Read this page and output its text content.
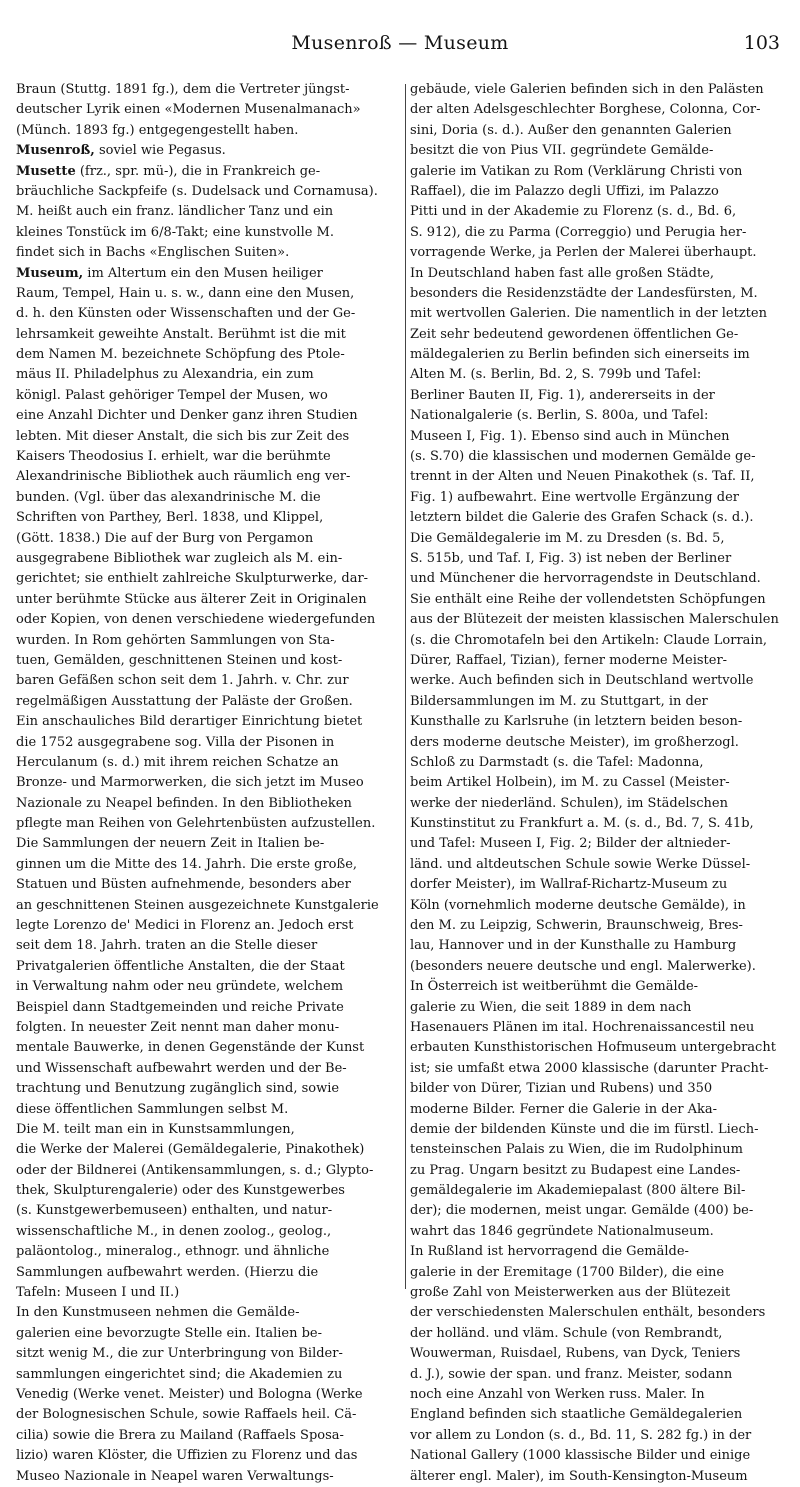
Musenroß — Museum	103
Braun (Stuttg. 1891 fg.), dem die Vertreter jüngst-
deutscher Lyrik einen «Modernen Musenalmanach»
(Münch. 1893 fg.) entgegengestellt haben.
Musenroß, soviel wie Pegasus.
Musette (frz., spr. mü-), die in Frankreich ge-
bräuchliche Sackpfeife (s. Dudelsack und Cornamusa).
M. heißt auch ein franz. ländlicher Tanz und ein
kleines Tonstück im 6/8-Takt; eine kunstvolle M.
findet sich in Bachs «Englischen Suiten».
Museum, im Altertum ein den Musen heiliger
Raum, Tempel, Hain u. s. w., dann eine den Musen,
d. h. den Künsten oder Wissenschaften und der Ge-
lehrsamkeit geweihte Anstalt. Berühmt ist die mit
dem Namen M. bezeichnete Schöpfung des Ptole-
mäus II. Philadelphus zu Alexandria, ein zum
königl. Palast gehöriger Tempel der Musen, wo
eine Anzahl Dichter und Denker ganz ihren Studien
lebten. Mit dieser Anstalt, die sich bis zur Zeit des
Kaisers Theodosius I. erhielt, war die berühmte
Alexandrinische Bibliothek auch räumlich eng ver-
bunden. (Vgl. über das alexandrinische M. die
Schriften von Parthey, Berl. 1838, und Klippel,
(Gött. 1838.) Die auf der Burg von Pergamon
ausgegrabene Bibliothek war zugleich als M. ein-
gerichtet; sie enthielt zahlreiche Skulpturwerke, dar-
unter berühmte Stücke aus älterer Zeit in Originalen
oder Kopien, von denen verschiedene wiedergefunden
wurden. In Rom gehörten Sammlungen von Sta-
tuen, Gemälden, geschnittenen Steinen und kost-
baren Gefäßen schon seit dem 1. Jahrh. v. Chr. zur
regelmäßigen Ausstattung der Paläste der Großen.
Ein anschauliches Bild derartiger Einrichtung bietet
die 1752 ausgegrabene sog. Villa der Pisonen in
Herculanum (s. d.) mit ihrem reichen Schatze an
Bronze- und Marmorwerken, die sich jetzt im Museo
Nazionale zu Neapel befinden. In den Bibliotheken
pflegte man Reihen von Gelehrtenbüsten aufzustellen.
Die Sammlungen der neuern Zeit in Italien be-
ginnen um die Mitte des 14. Jahrh. Die erste große,
Statuen und Büsten aufnehmende, besonders aber
an geschnittenen Steinen ausgezeichnete Kunstgalerie
legte Lorenzo de' Medici in Florenz an. Jedoch erst
seit dem 18. Jahrh. traten an die Stelle dieser
Privatgalerien öffentliche Anstalten, die der Staat
in Verwaltung nahm oder neu gründete, welchem
Beispiel dann Stadtgemeinden und reiche Private
folgten. In neuester Zeit nennt man daher monu-
mentale Bauwerke, in denen Gegenstände der Kunst
und Wissenschaft aufbewahrt werden und der Be-
trachtung und Benutzung zugänglich sind, sowie
diese öffentlichen Sammlungen selbst M.
Die M. teilt man ein in Kunstsammlungen,
die Werke der Malerei (Gemäldegalerie, Pinakothek)
oder der Bildnerei (Antikensammlungen, s. d.; Glypto-
thek, Skulpturengalerie) oder des Kunstgewerbes
(s. Kunstgewerbemuseen) enthalten, und natur-
wissenschaftliche M., in denen zoolog., geolog.,
paläontolog., mineralog., ethnogr. und ähnliche
Sammlungen aufbewahrt werden. (Hierzu die
Tafeln: Museen I und II.)
In den Kunstmuseen nehmen die Gemälde-
galerien eine bevorzugte Stelle ein. Italien be-
sitzt wenig M., die zur Unterbringung von Bilder-
sammlungen eingerichtet sind; die Akademien zu
Venedig (Werke venet. Meister) und Bologna (Werke
der Bolognesischen Schule, sowie Raffaels heil. Cä-
cilia) sowie die Brera zu Mailand (Raffaels Sposa-
lizio) waren Klöster, die Uffizien zu Florenz und das
Museo Nazionale in Neapel waren Verwaltungs-
gebäude, viele Galerien befinden sich in den Palästen
der alten Adelsgeschlechter Borghese, Colonna, Cor-
sini, Doria (s. d.). Außer den genannten Galerien
besitzt die von Pius VII. gegründete Gemälde-
galerie im Vatikan zu Rom (Verklärung Christi von
Raffael), die im Palazzo degli Uffizi, im Palazzo
Pitti und in der Akademie zu Florenz (s. d., Bd. 6,
S. 912), die zu Parma (Correggio) und Perugia her-
vorragende Werke, ja Perlen der Malerei überhaupt.
In Deutschland haben fast alle großen Städte,
besonders die Residenzstädte der Landesfürsten, M.
mit wertvollen Galerien. Die namentlich in der letzten
Zeit sehr bedeutend gewordenen öffentlichen Ge-
mäldegalerien zu Berlin befinden sich einerseits im
Alten M. (s. Berlin, Bd. 2, S. 799b und Tafel:
Berliner Bauten II, Fig. 1), andererseits in der
Nationalgalerie (s. Berlin, S. 800a, und Tafel:
Museen I, Fig. 1). Ebenso sind auch in München
(s. S.70) die klassischen und modernen Gemälde ge-
trennt in der Alten und Neuen Pinakothek (s. Taf. II,
Fig. 1) aufbewahrt. Eine wertvolle Ergänzung der
letztern bildet die Galerie des Grafen Schack (s. d.).
Die Gemäldegalerie im M. zu Dresden (s. Bd. 5,
S. 515b, und Taf. I, Fig. 3) ist neben der Berliner
und Münchener die hervorragendste in Deutschland.
Sie enthält eine Reihe der vollendetsten Schöpfungen
aus der Blütezeit der meisten klassischen Malerschulen
(s. die Chromotafeln bei den Artikeln: Claude Lorrain,
Dürer, Raffael, Tizian), ferner moderne Meister-
werke. Auch befinden sich in Deutschland wertvolle
Bildersammlungen im M. zu Stuttgart, in der
Kunsthalle zu Karlsruhe (in letztern beiden beson-
ders moderne deutsche Meister), im großherzogl.
Schloß zu Darmstadt (s. die Tafel: Madonna,
beim Artikel Holbein), im M. zu Cassel (Meister-
werke der niederländ. Schulen), im Städelschen
Kunstinstitut zu Frankfurt a. M. (s. d., Bd. 7, S. 41b,
und Tafel: Museen I, Fig. 2; Bilder der altnieder-
länd. und altdeutschen Schule sowie Werke Düssel-
dorfer Meister), im Wallraf-Richartz-Museum zu
Köln (vornehmlich moderne deutsche Gemälde), in
den M. zu Leipzig, Schwerin, Braunschweig, Bres-
lau, Hannover und in der Kunsthalle zu Hamburg
(besonders neuere deutsche und engl. Malerwerke).
In Österreich ist weitberühmt die Gemälde-
galerie zu Wien, die seit 1889 in dem nach
Hasenauers Plänen im ital. Hochrenaissancestil neu
erbauten Kunsthistorischen Hofmuseum untergebracht
ist; sie umfaßt etwa 2000 klassische (darunter Pracht-
bilder von Dürer, Tizian und Rubens) und 350
moderne Bilder. Ferner die Galerie in der Aka-
demie der bildenden Künste und die im fürstl. Liech-
tensteinschen Palais zu Wien, die im Rudolphinum
zu Prag. Ungarn besitzt zu Budapest eine Landes-
gemäldegalerie im Akademiepalast (800 ältere Bil-
der); die modernen, meist ungar. Gemälde (400) be-
wahrt das 1846 gegründete Nationalmuseum.
In Rußland ist hervorragend die Gemälde-
galerie in der Eremitage (1700 Bilder), die eine
große Zahl von Meisterwerken aus der Blütezeit
der verschiedensten Malerschulen enthält, besonders
der holländ. und vläm. Schule (von Rembrandt,
Wouwerman, Ruisdael, Rubens, van Dyck, Teniers
d. J.), sowie der span. und franz. Meister, sodann
noch eine Anzahl von Werken russ. Maler. In
England befinden sich staatliche Gemäldegalerien
vor allem zu London (s. d., Bd. 11, S. 282 fg.) in der
National Gallery (1000 klassische Bilder und einige
älterer engl. Maler), im South-Kensington-Museum
